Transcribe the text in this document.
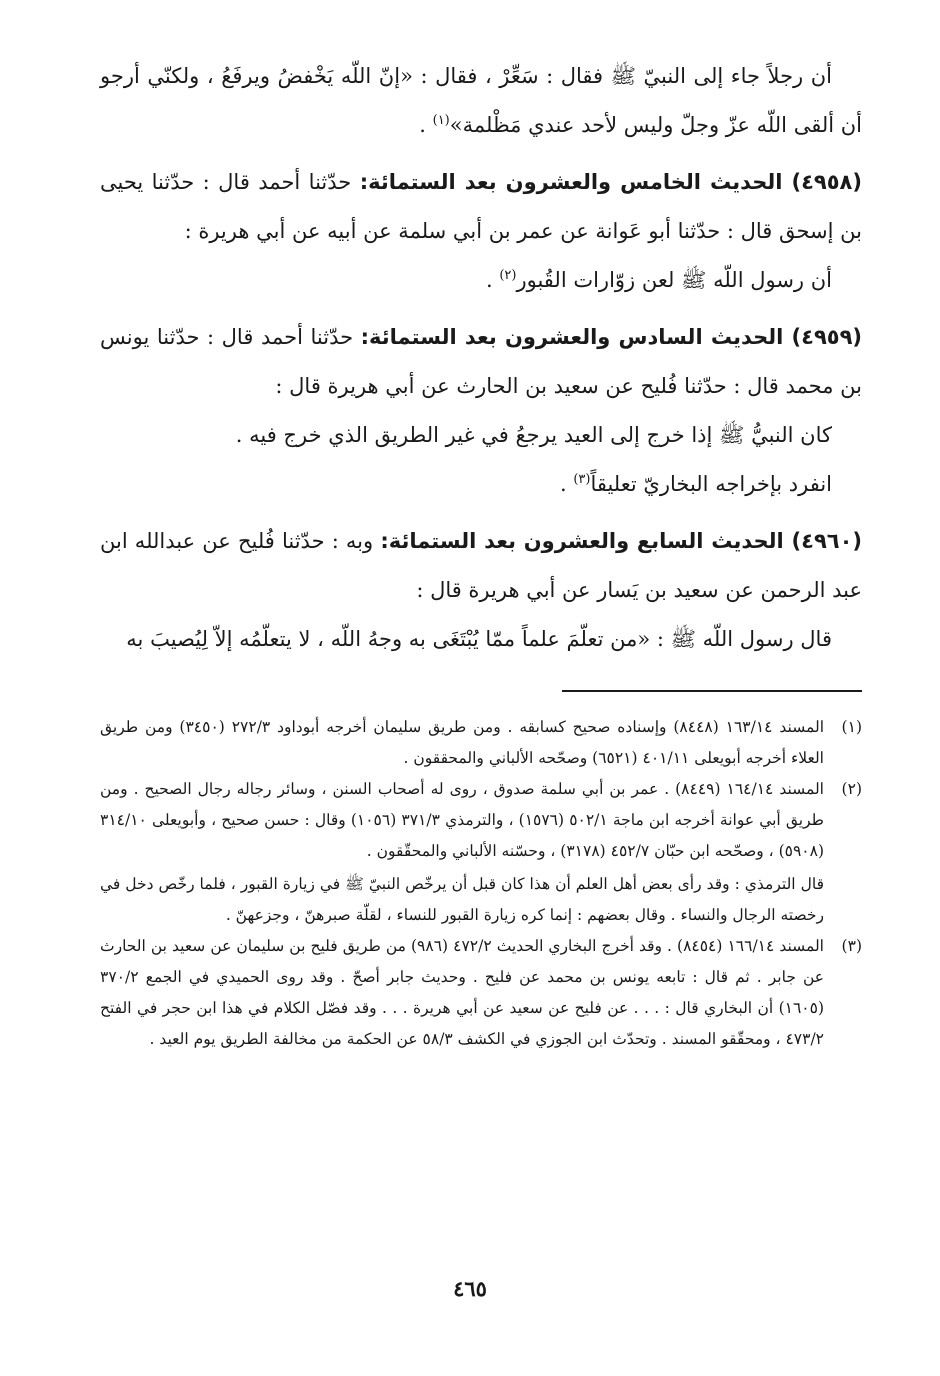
أن رجلاً جاء إلى النبيّ ﷺ فقال : سَعِّرْ ، فقال : «إنّ اللّه يَخْفضُ ويرفَعُ ، ولكنّي أرجو أن ألقى اللّه عزّ وجلّ وليس لأحد عندي مَظْلمة»$^{(١)}$ .

(٤٩٥٨) الحديث الخامس والعشرون بعد الستمائة: حدّثنا أحمد قال : حدّثنا يحيى بن إسحق قال : حدّثنا أبو عَوانة عن عمر بن أبي سلمة عن أبيه عن أبي هريرة :

أن رسول اللّه ﷺ لعن زوّارات القُبور$^{(٢)}$ .

(٤٩٥٩) الحديث السادس والعشرون بعد الستمائة: حدّثنا أحمد قال : حدّثنا يونس بن محمد قال : حدّثنا فُليح عن سعيد بن الحارث عن أبي هريرة قال :

كان النبيُّ ﷺ إذا خرج إلى العيد يرجعُ في غير الطريق الذي خرج فيه .

انفرد بإخراجه البخاريّ تعليقاً$^{(٣)}$ .

(٤٩٦٠) الحديث السابع والعشرون بعد الستمائة: وبه : حدّثنا فُليح عن عبدالله ابن عبد الرحمن عن سعيد بن يَسار عن أبي هريرة قال :

قال رسول اللّه ﷺ : «من تعلّمَ علماً ممّا يُبْتَغَى به وجهُ اللّه ، لا يتعلّمُه إلاّ لِيُصيبَ به

(١)

المسند ١٦٣/١٤ (٨٤٤٨) وإسناده صحيح كسابقه . ومن طريق سليمان أخرجه أبوداود ٢٧٢/٣ (٣٤٥٠) ومن طريق العلاء أخرجه أبويعلى ٤٠١/١١ (٦٥٢١) وصحّحه الألباني والمحققون .

(٢)

المسند ١٦٤/١٤ (٨٤٤٩) . عمر بن أبي سلمة صدوق ، روى له أصحاب السنن ، وسائر رجاله رجال الصحيح . ومن طريق أبي عوانة أخرجه ابن ماجة ٥٠٢/١ (١٥٧٦) ، والترمذي ٣٧١/٣ (١٠٥٦) وقال : حسن صحيح ، وأبويعلى ٣١٤/١٠ (٥٩٠٨) ، وصحّحه ابن حبّان ٤٥٢/٧ (٣١٧٨) ، وحسّنه الألباني والمحقّقون .

قال الترمذي : وقد رأى بعض أهل العلم أن هذا كان قبل أن يرخّص النبيّ ﷺ في زيارة القبور ، فلما رخّص دخل في رخصته الرجال والنساء . وقال بعضهم : إنما كره زيارة القبور للنساء ، لقلّة صبرهنّ ، وجزعهنّ .

(٣)

المسند ١٦٦/١٤ (٨٤٥٤) . وقد أخرج البخاري الحديث ٤٧٢/٢ (٩٨٦) من طريق فليح بن سليمان عن سعيد بن الحارث عن جابر . ثم قال : تابعه يونس بن محمد عن فليح . وحديث جابر أصحّ . وقد روى الحميدي في الجمع ٣٧٠/٢ (١٦٠٥) أن البخاري قال : . . . عن فليح عن سعيد عن أبي هريرة . . . وقد فصّل الكلام في هذا ابن حجر في الفتح ٤٧٣/٢ ، ومحقّقو المسند . وتحدّث ابن الجوزي في الكشف ٥٨/٣ عن الحكمة من مخالفة الطريق يوم العيد .

٤٦٥
